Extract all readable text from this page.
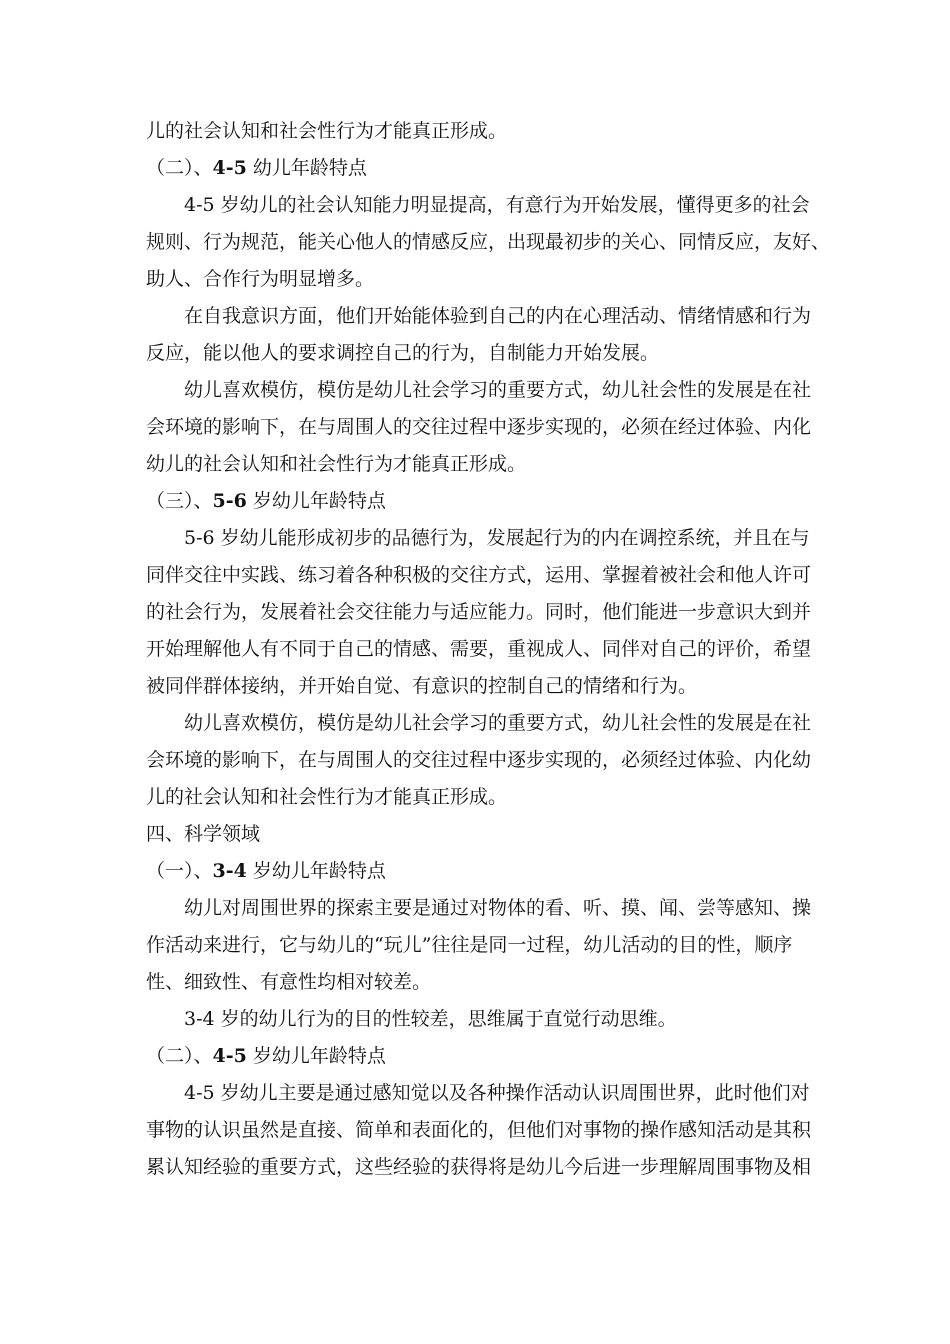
儿的社会认知和社会性行为才能真正形成。
（二）、4-5 幼儿年龄特点
4-5 岁幼儿的社会认知能力明显提高，有意行为开始发展，懂得更多的社会
规则、行为规范，能关心他人的情感反应，出现最初步的关心、同情反应，友好、
助人、合作行为明显增多。
在自我意识方面，他们开始能体验到自己的内在心理活动、情绪情感和行为
反应，能以他人的要求调控自己的行为，自制能力开始发展。
幼儿喜欢模仿，模仿是幼儿社会学习的重要方式，幼儿社会性的发展是在社
会环境的影响下，在与周围人的交往过程中逐步实现的，必须在经过体验、内化
幼儿的社会认知和社会性行为才能真正形成。
（三）、5-6 岁幼儿年龄特点
5-6 岁幼儿能形成初步的品德行为，发展起行为的内在调控系统，并且在与
同伴交往中实践、练习着各种积极的交往方式，运用、掌握着被社会和他人许可
的社会行为，发展着社会交往能力与适应能力。同时，他们能进一步意识大到并
开始理解他人有不同于自己的情感、需要，重视成人、同伴对自己的评价，希望
被同伴群体接纳，并开始自觉、有意识的控制自己的情绪和行为。
幼儿喜欢模仿，模仿是幼儿社会学习的重要方式，幼儿社会性的发展是在社
会环境的影响下，在与周围人的交往过程中逐步实现的，必须经过体验、内化幼
儿的社会认知和社会性行为才能真正形成。
四、科学领域
（一）、3-4 岁幼儿年龄特点
幼儿对周围世界的探索主要是通过对物体的看、听、摸、闻、尝等感知、操
作活动来进行，它与幼儿的“玩儿”往往是同一过程，幼儿活动的目的性，顺序
性、细致性、有意性均相对较差。
3-4 岁的幼儿行为的目的性较差，思维属于直觉行动思维。
（二）、4-5 岁幼儿年龄特点
4-5 岁幼儿主要是通过感知觉以及各种操作活动认识周围世界，此时他们对
事物的认识虽然是直接、简单和表面化的，但他们对事物的操作感知活动是其积
累认知经验的重要方式，这些经验的获得将是幼儿今后进一步理解周围事物及相
